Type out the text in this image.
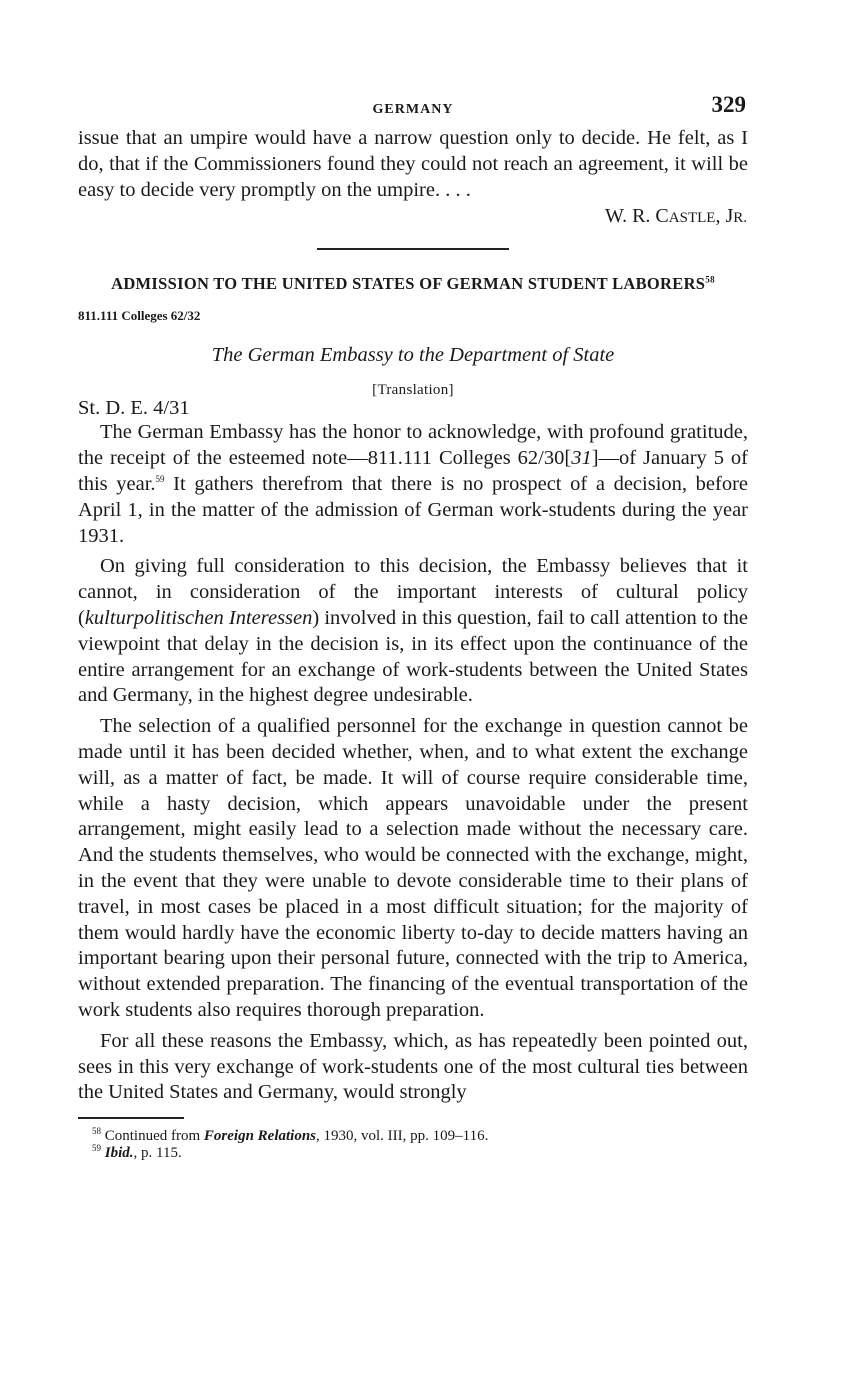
GERMANY	329

issue that an umpire would have a narrow question only to decide. He felt, as I do, that if the Commissioners found they could not reach an agreement, it will be easy to decide very promptly on the umpire. . . .

W. R. CASTLE, JR.
ADMISSION TO THE UNITED STATES OF GERMAN STUDENT LABORERS$^{58}$
811.111 Colleges 62/32
The German Embassy to the Department of State
[Translation]
St. D. E. 4/31

The German Embassy has the honor to acknowledge, with profound gratitude, the receipt of the esteemed note—811.111 Colleges 62/30[31]—of January 5 of this year.$^{59}$ It gathers therefrom that there is no prospect of a decision, before April 1, in the matter of the admission of German work-students during the year 1931.

On giving full consideration to this decision, the Embassy believes that it cannot, in consideration of the important interests of cultural policy (kulturpolitischen Interessen) involved in this question, fail to call attention to the viewpoint that delay in the decision is, in its effect upon the continuance of the entire arrangement for an exchange of work-students between the United States and Germany, in the highest degree undesirable.

The selection of a qualified personnel for the exchange in question cannot be made until it has been decided whether, when, and to what extent the exchange will, as a matter of fact, be made. It will of course require considerable time, while a hasty decision, which appears unavoidable under the present arrangement, might easily lead to a selection made without the necessary care. And the students themselves, who would be connected with the exchange, might, in the event that they were unable to devote considerable time to their plans of travel, in most cases be placed in a most difficult situation; for the majority of them would hardly have the economic liberty to-day to decide matters having an important bearing upon their personal future, connected with the trip to America, without extended preparation. The financing of the eventual transportation of the work students also requires thorough preparation.

For all these reasons the Embassy, which, as has repeatedly been pointed out, sees in this very exchange of work-students one of the most cultural ties between the United States and Germany, would strongly

$^{58}$ Continued from Foreign Relations, 1930, vol. III, pp. 109–116.
$^{59}$ Ibid., p. 115.
